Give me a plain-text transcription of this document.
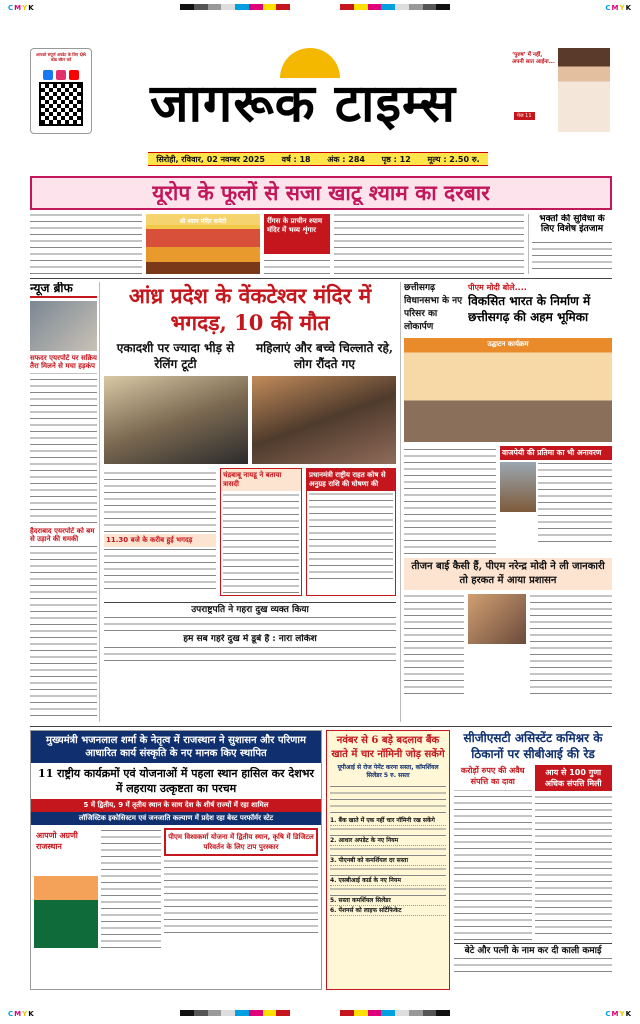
CMYK	CMYK
आपको संपूर्ण अपडेट के लिए QR कोड स्कैन करें
जागरूक टाइम्स
‘पुरुष’ में नहीं, अपनी सात आईना...
पेज 11
सिरोही, रविवार, 02 नवम्बर 2025 वर्ष : 18 अंक : 284 पृष्ठ : 12 मूल्य : 2.50 रु.
यूरोप के फूलों से सजा खाटू श्याम का दरबार
श्री श्याम मंदिर कमेटी	रींगस के प्राचीन श्याम मंदिर में भव्य शृंगार
भक्तों की सुविधा के लिए विशेष इंतजाम
न्यूज ब्रीफ
सफदर एयरपोर्ट पर सक्रिय तैरा मिलने से मचा हड़कंप
हैदराबाद एयरपोर्ट को बम से उड़ाने की धमकी
आंध्र प्रदेश के वेंकटेश्वर मंदिर में भगदड़, 10 की मौत
एकादशी पर ज्यादा भीड़ से रेलिंग टूटी
महिलाएं और बच्चे चिल्लाते रहे, लोग रौंदते गए
11.30 बजे के करीब हुई भगदड़
चंद्रबाबू नायडू ने बताया त्रासदी
प्रधानमंत्री राष्ट्रीय राहत कोष से अनुग्रह राशि की घोषणा की
उपराष्ट्रपति ने गहरा दुख व्यक्त किया
हम सब गहरे दुख में डूबे हैं : नारा लोकेश
छत्तीसगढ़ विधानसभा के नए परिसर का लोकार्पण
पीएम मोदी बोले....
विकसित भारत के निर्माण में छत्तीसगढ़ की अहम भूमिका
उद्घाटन कार्यक्रम
वाजपेयी की प्रतिमा का भी अनावरण
तीजन बाई कैसी हैं, पीएम नरेन्द्र मोदी ने ली जानकारी तो हरकत में आया प्रशासन
मुख्यमंत्री भजनलाल शर्मा के नेतृत्व में राजस्थान ने सुशासन और परिणाम आधारित कार्य संस्कृति के नए मानक किए स्थापित
11 राष्ट्रीय कार्यक्रमों एवं योजनाओं में पहला स्थान हासिल कर देशभर में लहराया उत्कृष्टता का परचम
5 में द्वितीय, 9 में तृतीय स्थान के साथ देश के शीर्ष राज्यों में रहा शामिल
लॉजिस्टिक इकोसिस्टम एवं जनजाति कल्याण में प्रदेश रहा बेस्ट परफॉर्मर स्टेट
आपणो अग्रणी राजस्थान
पीएम विश्वकर्मा योजना में द्वितीय स्थान, कृषि में डिजिटल परिवर्तन के लिए टाप पुरस्कार
नवंबर से 6 बड़े बदलाव बैंक खाते में चार नॉमिनी जोड़ सकेंगे
यूपीआई से रोज पेमेंट करना सस्ता, कॉमर्शियल सिलेंडर 5 रु. सस्ता
1. बैंक खाते में एक नहीं चार नॉमिनी रख सकेंगे
2. आधार अपडेट के नए नियम
3. पीएनबी को कमर्शियल दर सस्ता
4. एसबीआई कार्ड के नए नियम
5. सस्ता कमर्शियल सिलेंडर
6. पेंशनर्स को लाइफ सर्टिफिकेट
सीजीएसटी असिस्टेंट कमिश्नर के ठिकानों पर सीबीआई की रेड
करोड़ों रुपए की अवैध संपत्ति का दावा
आय से 100 गुणा अधिक संपत्ति मिली
बेटे और पत्नी के नाम कर दी काली कमाई
CMYK	CMYK
